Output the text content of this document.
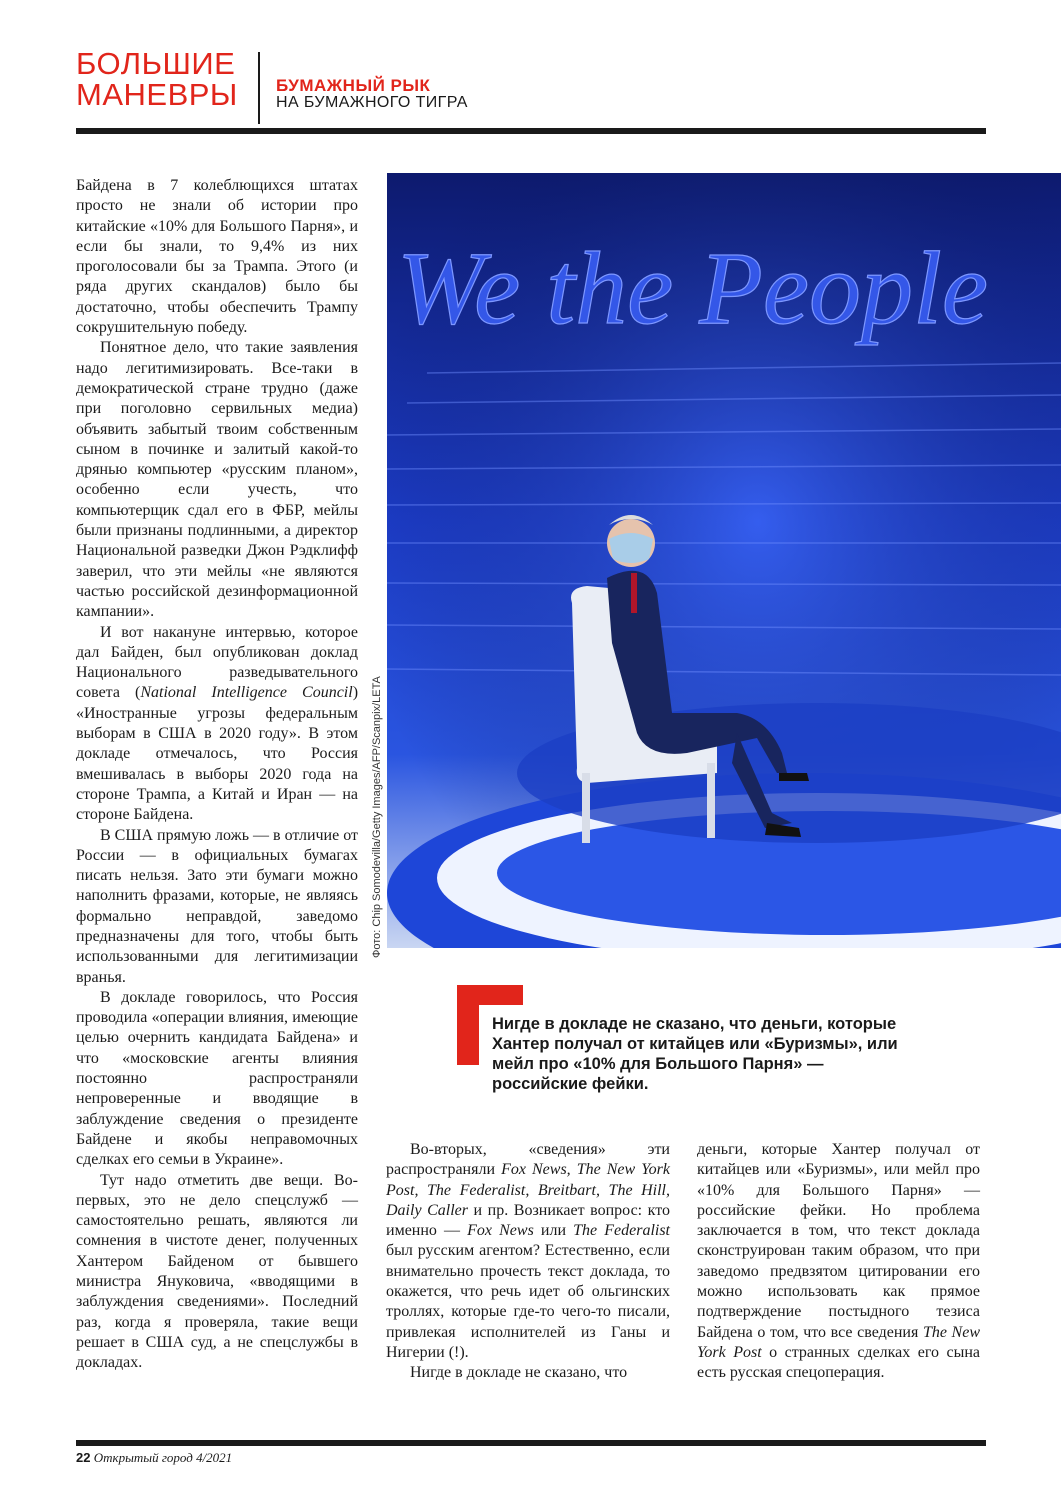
БОЛЬШИЕ
МАНЕВРЫ	БУМАЖНЫЙ РЫК
НА БУМАЖНОГО ТИГРА

Байдена в 7 колеблющихся штатах просто не знали об истории про китайские «10% для Большого Парня», и если бы знали, то 9,4% из них проголосовали бы за Трампа. Этого (и ряда других скандалов) было бы достаточно, чтобы обеспечить Трампу сокрушительную победу.

Понятное дело, что такие заявления надо легитимизировать. Все-таки в демократической стране трудно (даже при поголовно сервильных медиа) объявить забытый твоим собственным сыном в починке и залитый какой-то дрянью компьютер «русским планом», особенно если учесть, что компьютерщик сдал его в ФБР, мейлы были признаны подлинными, а директор Национальной разведки Джон Рэдклифф заверил, что эти мейлы «не являются частью российской дезинформационной кампании».

И вот накануне интервью, которое дал Байден, был опубликован доклад Национального разведывательного совета (National Intelligence Council) «Иностранные угрозы федеральным выборам в США в 2020 году». В этом докладе отмечалось, что Россия вмешивалась в выборы 2020 года на стороне Трампа, а Китай и Иран — на стороне Байдена.

В США прямую ложь — в отличие от России — в официальных бумагах писать нельзя. Зато эти бумаги можно наполнить фразами, которые, не являясь формально неправдой, заведомо предназначены для того, чтобы быть использованными для легитимизации вранья.

В докладе говорилось, что Россия проводила «операции влияния, имеющие целью очернить кандидата Байдена» и что «московские агенты влияния постоянно распространяли непроверенные и вводящие в заблуждение сведения о президенте Байдене и якобы неправомочных сделках его семьи в Украине».

Тут надо отметить две вещи. Во-первых, это не дело спецслужб — самостоятельно решать, являются ли сомнения в чистоте денег, полученных Хантером Байденом от бывшего министра Януковича, «вводящими в заблуждения сведениями». Последний раз, когда я проверяла, такие вещи решает в США суд, а не спецслужбы в докладах.

We the People
Фото: Chip Somodevilla/Getty Images/AFP/Scanpix/LETA
Нигде в докладе не сказано, что деньги, которые Хантер получал от китайцев или «Буризмы», или мейл про «10% для Большого Парня» — российские фейки.

Во-вторых, «сведения» эти распространяли Fox News, The New York Post, The Federalist, Breitbart, The Hill, Daily Caller и пр. Возникает вопрос: кто именно — Fox News или The Federalist был русским агентом? Естественно, если внимательно прочесть текст доклада, то окажется, что речь идет об ольгинских троллях, которые где-то чего-то писали, привлекая исполнителей из Ганы и Нигерии (!).

Нигде в докладе не сказано, что

деньги, которые Хантер получал от китайцев или «Буризмы», или мейл про «10% для Большого Парня» — российские фейки. Но проблема заключается в том, что текст доклада сконструирован таким образом, что при заведомо предвзятом цитировании его можно использовать как прямое подтверждение постыдного тезиса Байдена о том, что все сведения The New York Post о странных сделках его сына есть русская спецоперация.

22 Открытый город 4/2021
